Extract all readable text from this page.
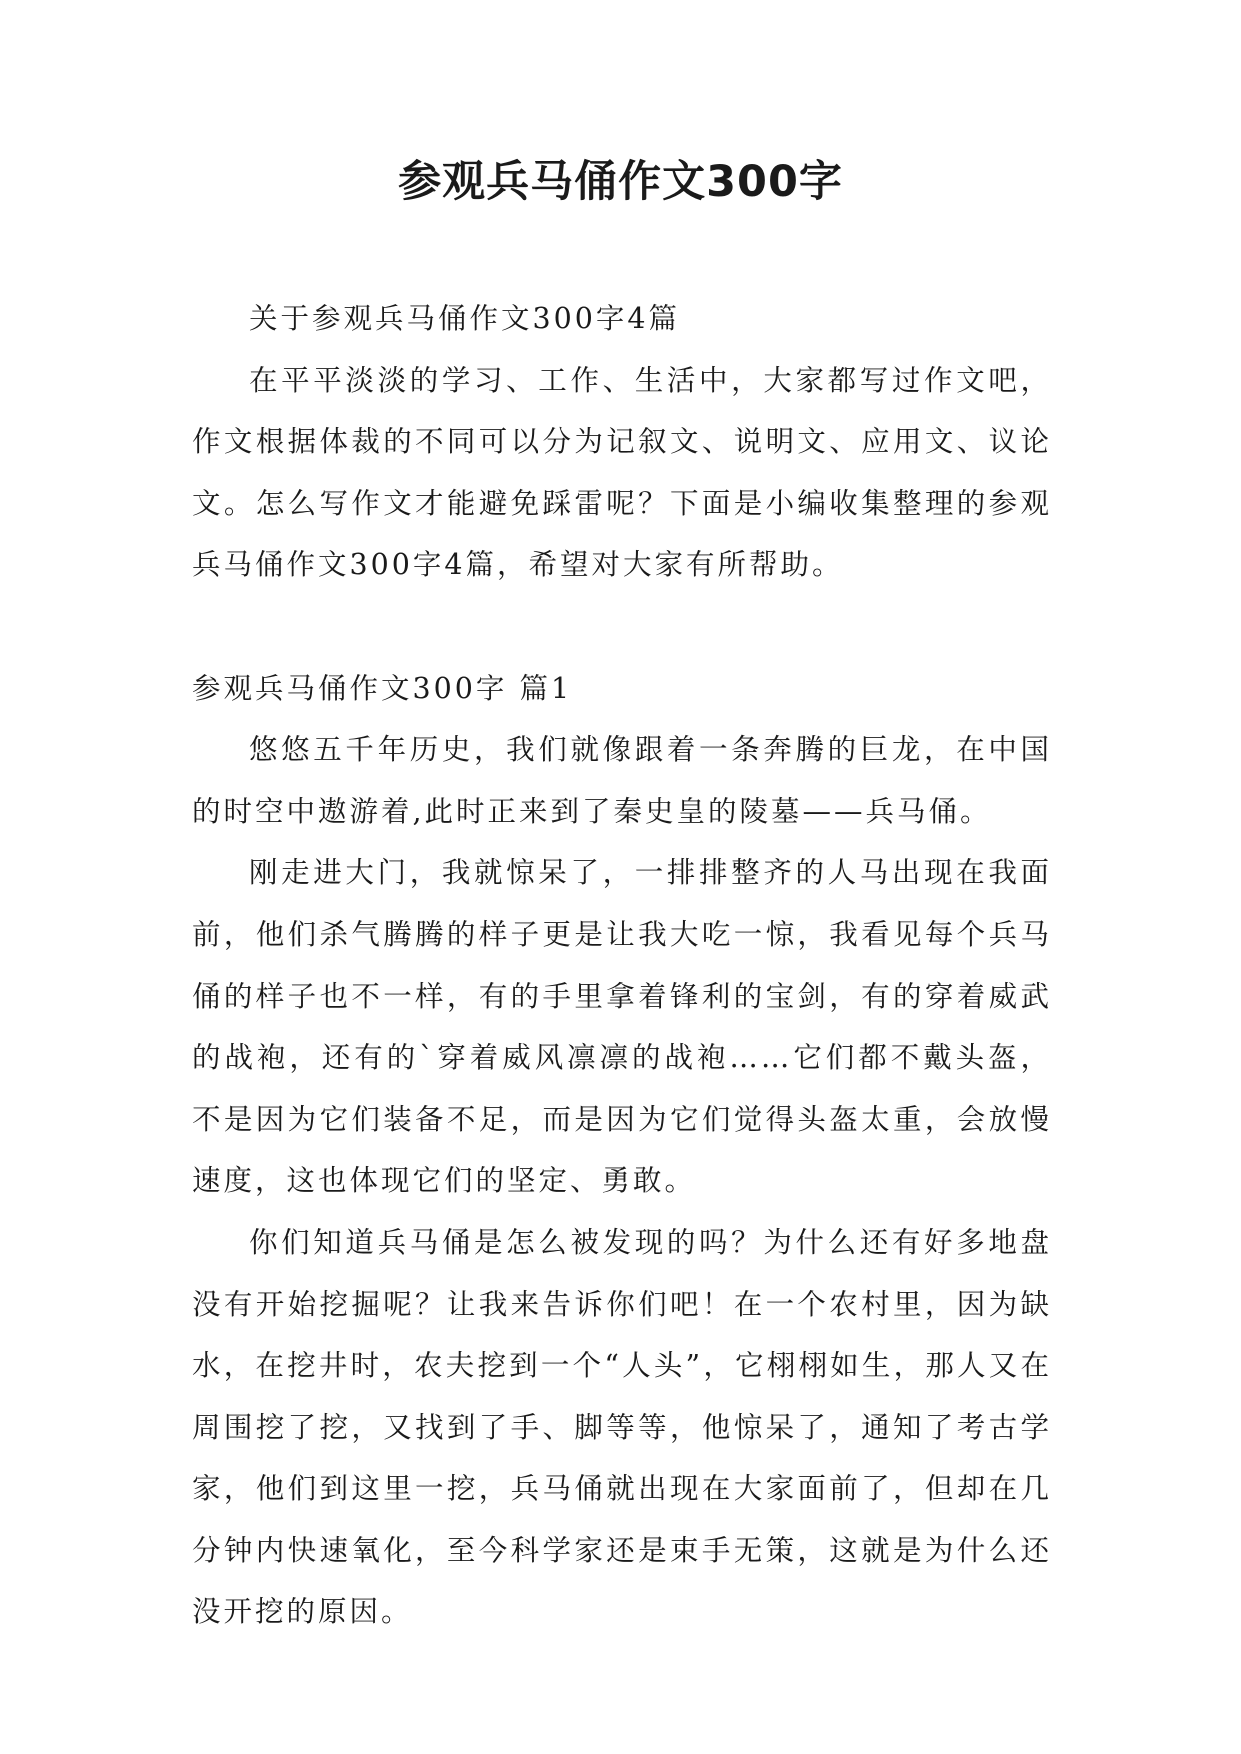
参观兵马俑作文300字

关于参观兵马俑作文300字4篇

在平平淡淡的学习、工作、生活中，大家都写过作文吧，作文根据体裁的不同可以分为记叙文、说明文、应用文、议论文。怎么写作文才能避免踩雷呢？下面是小编收集整理的参观兵马俑作文300字4篇，希望对大家有所帮助。

参观兵马俑作文300字 篇1

悠悠五千年历史，我们就像跟着一条奔腾的巨龙，在中国的时空中遨游着,此时正来到了秦史皇的陵墓——兵马俑。

刚走进大门，我就惊呆了，一排排整齐的人马出现在我面前，他们杀气腾腾的样子更是让我大吃一惊，我看见每个兵马俑的样子也不一样，有的手里拿着锋利的宝剑，有的穿着威武的战袍，还有的`穿着威风凛凛的战袍……它们都不戴头盔，不是因为它们装备不足，而是因为它们觉得头盔太重，会放慢速度，这也体现它们的坚定、勇敢。

你们知道兵马俑是怎么被发现的吗？为什么还有好多地盘没有开始挖掘呢？让我来告诉你们吧！在一个农村里，因为缺水，在挖井时，农夫挖到一个“人头”，它栩栩如生，那人又在周围挖了挖，又找到了手、脚等等，他惊呆了，通知了考古学家，他们到这里一挖，兵马俑就出现在大家面前了，但却在几分钟内快速氧化，至今科学家还是束手无策，这就是为什么还没开挖的原因。
